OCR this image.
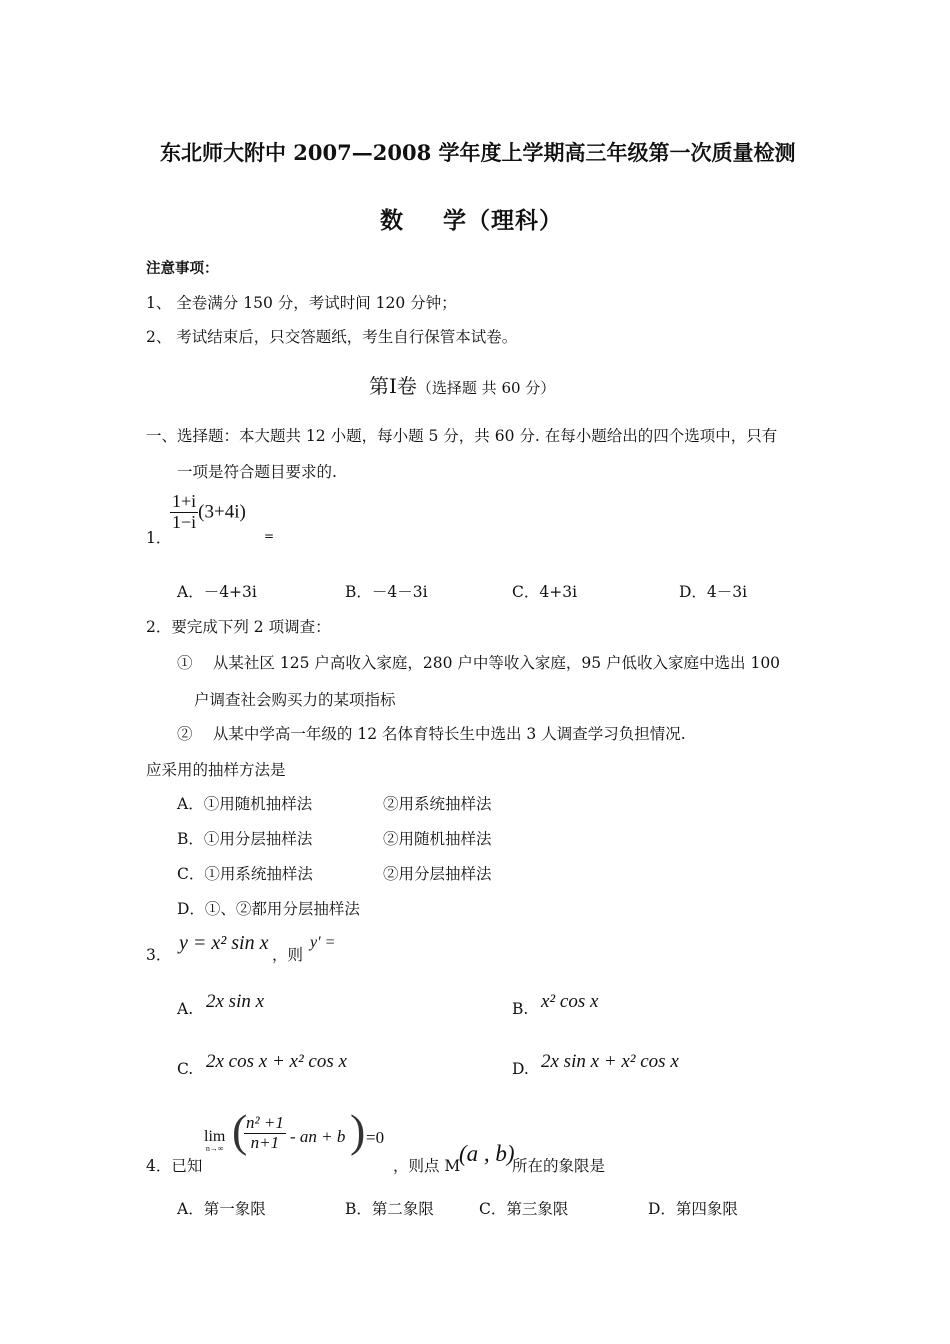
东北师大附中 2007—2008 学年度上学期高三年级第一次质量检测
数 学（理科）
注意事项：
1、 全卷满分 150 分，考试时间 120 分钟；
2、 考试结束后，只交答题纸，考生自行保管本试卷。
第Ⅰ卷（选择题 共 60 分）
一、选择题：本大题共 12 小题，每小题 5 分，共 60 分. 在每小题给出的四个选项中，只有
一项是符合题目要求的.
1．
$\frac{1+i}{1-i} (3+4i)$
=
A．－4+3i	B．－4－3i	C．4+3i	D．4－3i
2．要完成下列 2 项调查：
①　 从某社区 125 户高收入家庭，280 户中等收入家庭，95 户低收入家庭中选出 100
户调查社会购买力的某项指标
②　 从某中学高一年级的 12 名体育特长生中选出 3 人调查学习负担情况.
应采用的抽样方法是
A．①用随机抽样法	②用系统抽样法
B．①用分层抽样法	②用随机抽样法
C．①用系统抽样法	②用分层抽样法
D．①、②都用分层抽样法
3．
y = x² sin x
，则
y′ =
A. 2x sin x	B. x² cos x
C. 2x cos x + x² cos x	D. 2x sin x + x² cos x
4．已知
lim
n→∞ (
$\frac{\text{n² +1}}{n+1}$ - an + b ) =0
，则点 M
(a , b)
所在的象限是
A．第一象限	B．第二象限	C．第三象限	D．第四象限
